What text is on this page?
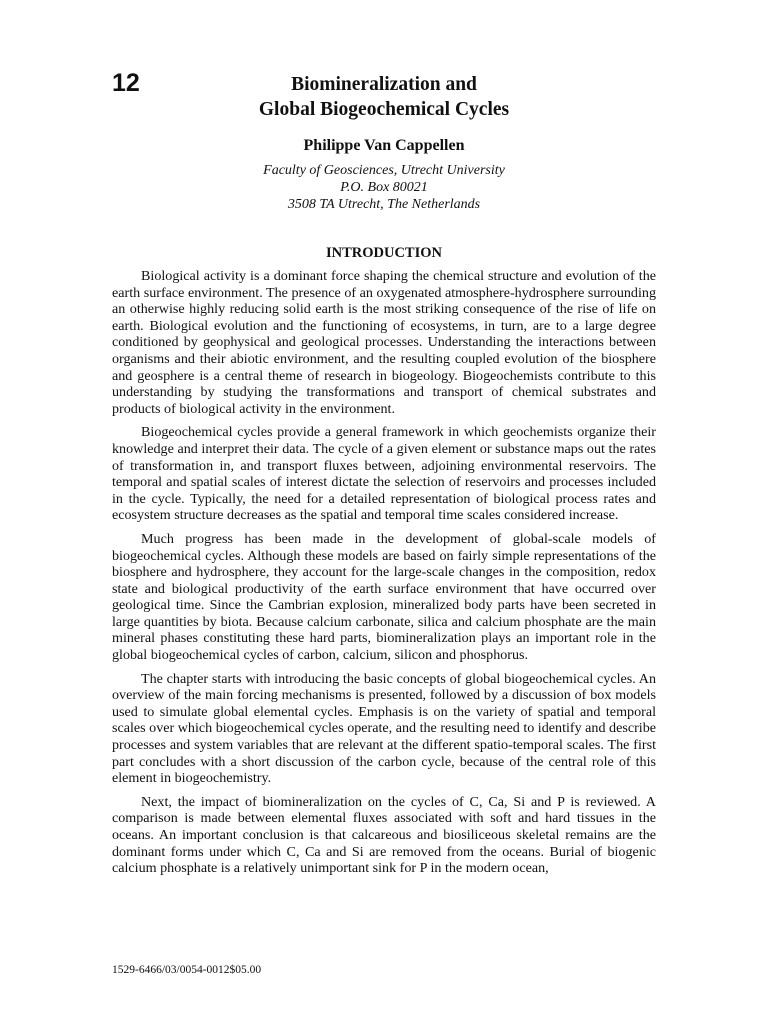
12	Biomineralization and
Global Biogeochemical Cycles

Philippe Van Cappellen

Faculty of Geosciences, Utrecht University
P.O. Box 80021
3508 TA Utrecht, The Netherlands

INTRODUCTION

Biological activity is a dominant force shaping the chemical structure and evolution of the earth surface environment. The presence of an oxygenated atmosphere-hydrosphere surrounding an otherwise highly reducing solid earth is the most striking consequence of the rise of life on earth. Biological evolution and the functioning of ecosystems, in turn, are to a large degree conditioned by geophysical and geological processes. Understanding the interactions between organisms and their abiotic environment, and the resulting coupled evolution of the biosphere and geosphere is a central theme of research in biogeology. Biogeochemists contribute to this understanding by studying the transformations and transport of chemical substrates and products of biological activity in the environment.

Biogeochemical cycles provide a general framework in which geochemists organize their knowledge and interpret their data. The cycle of a given element or substance maps out the rates of transformation in, and transport fluxes between, adjoining environmental reservoirs. The temporal and spatial scales of interest dictate the selection of reservoirs and processes included in the cycle. Typically, the need for a detailed representation of biological process rates and ecosystem structure decreases as the spatial and temporal time scales considered increase.

Much progress has been made in the development of global-scale models of biogeochemical cycles. Although these models are based on fairly simple representations of the biosphere and hydrosphere, they account for the large-scale changes in the composition, redox state and biological productivity of the earth surface environment that have occurred over geological time. Since the Cambrian explosion, mineralized body parts have been secreted in large quantities by biota. Because calcium carbonate, silica and calcium phosphate are the main mineral phases constituting these hard parts, biomineralization plays an important role in the global biogeochemical cycles of carbon, calcium, silicon and phosphorus.

The chapter starts with introducing the basic concepts of global biogeochemical cycles. An overview of the main forcing mechanisms is presented, followed by a discussion of box models used to simulate global elemental cycles. Emphasis is on the variety of spatial and temporal scales over which biogeochemical cycles operate, and the resulting need to identify and describe processes and system variables that are relevant at the different spatio-temporal scales. The first part concludes with a short discussion of the carbon cycle, because of the central role of this element in biogeochemistry.

Next, the impact of biomineralization on the cycles of C, Ca, Si and P is reviewed. A comparison is made between elemental fluxes associated with soft and hard tissues in the oceans. An important conclusion is that calcareous and biosiliceous skeletal remains are the dominant forms under which C, Ca and Si are removed from the oceans. Burial of biogenic calcium phosphate is a relatively unimportant sink for P in the modern ocean,

1529-6466/03/0054-0012$05.00
